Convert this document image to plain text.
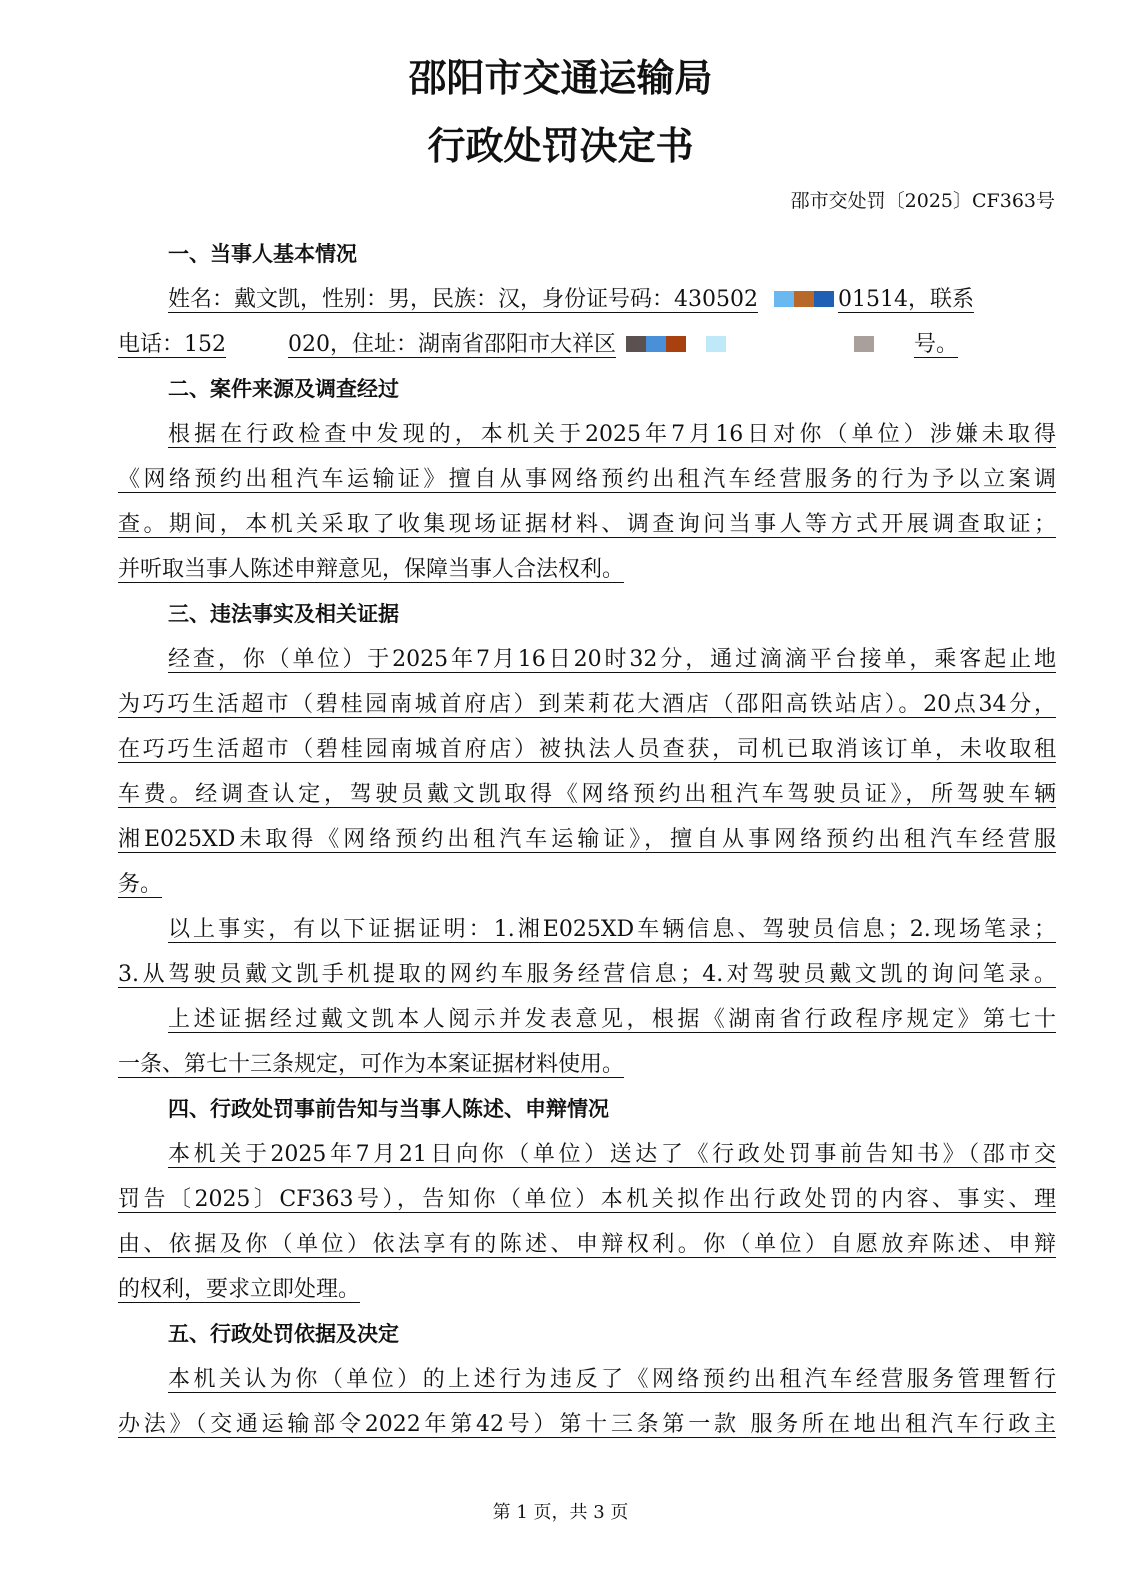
邵阳市交通运输局
行政处罚决定书
邵市交处罚〔2025〕CF363号
一、当事人基本情况
姓名：戴文凯，性别：男，民族：汉，身份证号码：430502	01514，联系
电话：152	020，住址：湖南省邵阳市大祥区	号。
二、案件来源及调查经过
根据在行政检查中发现的，本机关于2025年7月16日对你（单位）涉嫌未取得
《网络预约出租汽车运输证》擅自从事网络预约出租汽车经营服务的行为予以立案调
查。期间，本机关采取了收集现场证据材料、调查询问当事人等方式开展调查取证；
并听取当事人陈述申辩意见，保障当事人合法权利。
三、违法事实及相关证据
经查，你（单位）于2025年7月16日20时32分，通过滴滴平台接单，乘客起止地
为巧巧生活超市（碧桂园南城首府店）到茉莉花大酒店（邵阳高铁站店）。20点34分，
在巧巧生活超市（碧桂园南城首府店）被执法人员查获，司机已取消该订单，未收取租
车费。经调查认定，驾驶员戴文凯取得《网络预约出租汽车驾驶员证》，所驾驶车辆
湘E025XD未取得《网络预约出租汽车运输证》，擅自从事网络预约出租汽车经营服
务。
以上事实，有以下证据证明：1.湘E025XD车辆信息、驾驶员信息；2.现场笔录；
3.从驾驶员戴文凯手机提取的网约车服务经营信息；4.对驾驶员戴文凯的询问笔录。
上述证据经过戴文凯本人阅示并发表意见，根据《湖南省行政程序规定》第七十
一条、第七十三条规定，可作为本案证据材料使用。
四、行政处罚事前告知与当事人陈述、申辩情况
本机关于2025年7月21日向你（单位）送达了《行政处罚事前告知书》（邵市交
罚告〔2025〕CF363号），告知你（单位）本机关拟作出行政处罚的内容、事实、理
由、依据及你（单位）依法享有的陈述、申辩权利。你（单位）自愿放弃陈述、申辩
的权利，要求立即处理。
五、行政处罚依据及决定
本机关认为你（单位）的上述行为违反了《网络预约出租汽车经营服务管理暂行
办法》（交通运输部令2022年第42号）第十三条第一款 服务所在地出租汽车行政主
第 1 页，共 3 页
